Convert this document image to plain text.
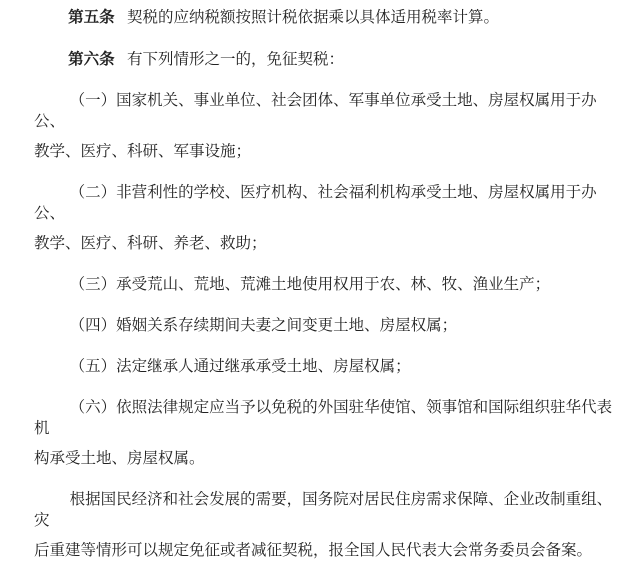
第五条 契税的应纳税额按照计税依据乘以具体适用税率计算。

第六条 有下列情形之一的，免征契税：

（一）国家机关、事业单位、社会团体、军事单位承受土地、房屋权属用于办公、

教学、医疗、科研、军事设施；

（二）非营利性的学校、医疗机构、社会福利机构承受土地、房屋权属用于办公、

教学、医疗、科研、养老、救助；

（三）承受荒山、荒地、荒滩土地使用权用于农、林、牧、渔业生产；

（四）婚姻关系存续期间夫妻之间变更土地、房屋权属；

（五）法定继承人通过继承承受土地、房屋权属；

（六）依照法律规定应当予以免税的外国驻华使馆、领事馆和国际组织驻华代表机

构承受土地、房屋权属。

根据国民经济和社会发展的需要，国务院对居民住房需求保障、企业改制重组、灾

后重建等情形可以规定免征或者减征契税，报全国人民代表大会常务委员会备案。
